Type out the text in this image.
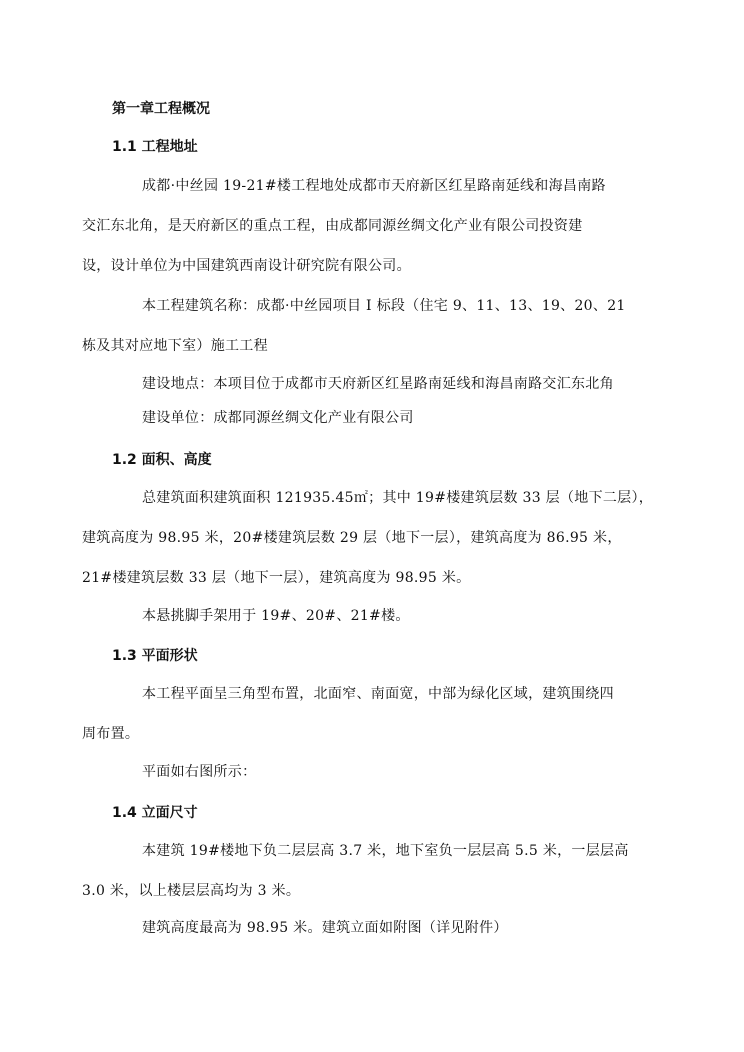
第一章工程概况
1.1 工程地址
成都·中丝园 19-21#楼工程地处成都市天府新区红星路南延线和海昌南路
交汇东北角，是天府新区的重点工程，由成都同源丝绸文化产业有限公司投资建
设，设计单位为中国建筑西南设计研究院有限公司。
本工程建筑名称：成都·中丝园项目 I 标段（住宅 9、11、13、19、20、21
栋及其对应地下室）施工工程
建设地点：本项目位于成都市天府新区红星路南延线和海昌南路交汇东北角
建设单位：成都同源丝绸文化产业有限公司
1.2 面积、高度
总建筑面积建筑面积 121935.45㎡；其中 19#楼建筑层数 33 层（地下二层），
建筑高度为 98.95 米，20#楼建筑层数 29 层（地下一层），建筑高度为 86.95 米，
21#楼建筑层数 33 层（地下一层），建筑高度为 98.95 米。
本悬挑脚手架用于 19#、20#、21#楼。
1.3 平面形状
本工程平面呈三角型布置，北面窄、南面宽，中部为绿化区域，建筑围绕四
周布置。
平面如右图所示：
1.4 立面尺寸
本建筑 19#楼地下负二层层高 3.7 米，地下室负一层层高 5.5 米，一层层高
3.0 米，以上楼层层高均为 3 米。
建筑高度最高为 98.95 米。建筑立面如附图（详见附件）
